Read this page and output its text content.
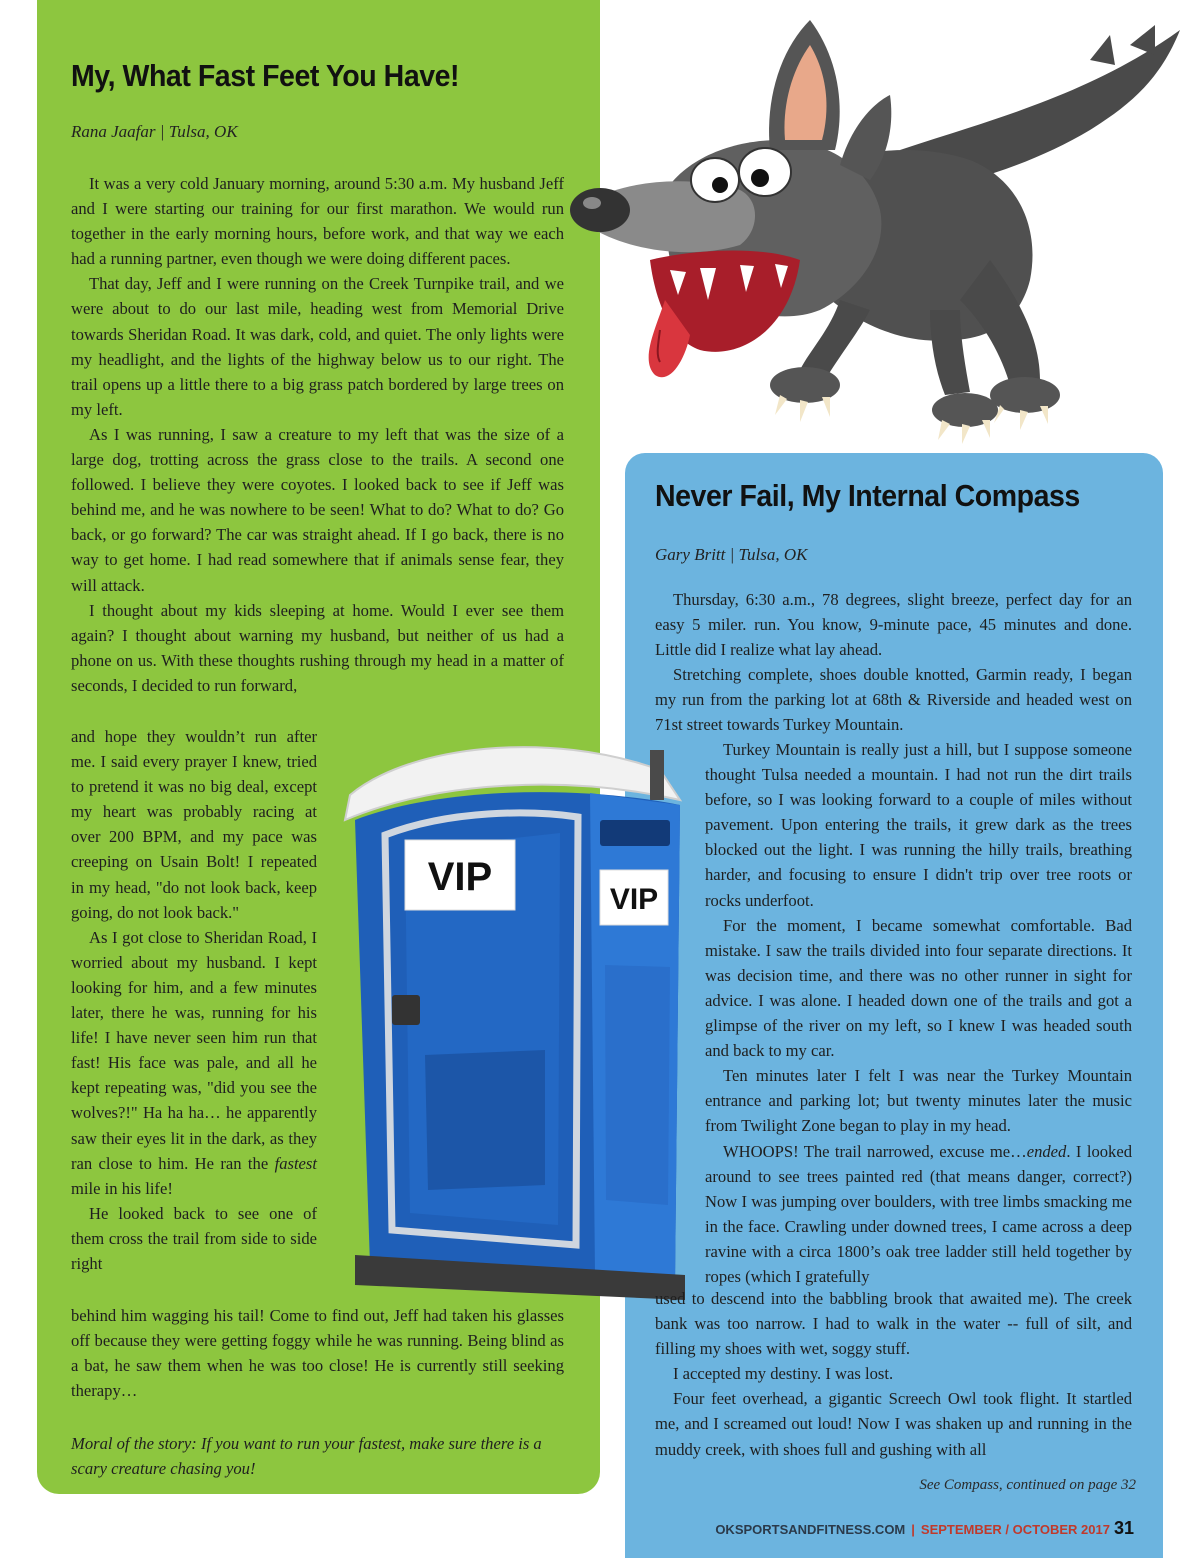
VIP
VIP
My, What Fast Feet You Have!

Rana Jaafar | Tulsa, OK

It was a very cold January morning, around 5:30 a.m. My husband Jeff and I were starting our training for our first marathon. We would run together in the early morning hours, before work, and that way we each had a running partner, even though we were doing different paces.

That day, Jeff and I were running on the Creek Turnpike trail, and we were about to do our last mile, heading west from Memorial Drive towards Sheridan Road. It was dark, cold, and quiet. The only lights were my headlight, and the lights of the highway below us to our right. The trail opens up a little there to a big grass patch bordered by large trees on my left.

As I was running, I saw a creature to my left that was the size of a large dog, trotting across the grass close to the trails. A second one followed. I believe they were coyotes. I looked back to see if Jeff was behind me, and he was nowhere to be seen! What to do? What to do? Go back, or go forward? The car was straight ahead. If I go back, there is no way to get home. I had read somewhere that if animals sense fear, they will attack.

I thought about my kids sleeping at home. Would I ever see them again? I thought about warning my husband, but neither of us had a phone on us. With these thoughts rushing through my head in a matter of seconds, I decided to run forward,

and hope they wouldn’t run after me. I said every prayer I knew, tried to pretend it was no big deal, except my heart was probably racing at over 200 BPM, and my pace was creeping on Usain Bolt! I repeated in my head, "do not look back, keep going, do not look back."

As I got close to Sheridan Road, I worried about my husband. I kept looking for him, and a few minutes later, there he was, running for his life! I have never seen him run that fast! His face was pale, and all he kept repeating was, "did you see the wolves?!" Ha ha ha… he apparently saw their eyes lit in the dark, as they ran close to him. He ran the fastest mile in his life!

He looked back to see one of them cross the trail from side to side right

behind him wagging his tail! Come to find out, Jeff had taken his glasses off because they were getting foggy while he was running. Being blind as a bat, he saw them when he was too close! He is currently still seeking therapy…

Moral of the story: If you want to run your fastest, make sure there is a scary creature chasing you!
Never Fail, My Internal Compass

Gary Britt | Tulsa, OK

Thursday, 6:30 a.m., 78 degrees, slight breeze, perfect day for an easy 5 miler. run. You know, 9-minute pace, 45 minutes and done. Little did I realize what lay ahead.

Stretching complete, shoes double knotted, Garmin ready, I began my run from the parking lot at 68th & Riverside and headed west on 71st street towards Turkey Mountain.

Turkey Mountain is really just a hill, but I suppose someone thought Tulsa needed a mountain. I had not run the dirt trails before, so I was looking forward to a couple of miles without pavement. Upon entering the trails, it grew dark as the trees blocked out the light. I was running the hilly trails, breathing harder, and focusing to ensure I didn't trip over tree roots or rocks underfoot.

For the moment, I became somewhat comfortable. Bad mistake. I saw the trails divided into four separate directions. It was decision time, and there was no other runner in sight for advice. I was alone. I headed down one of the trails and got a glimpse of the river on my left, so I knew I was headed south and back to my car.

Ten minutes later I felt I was near the Turkey Mountain entrance and parking lot; but twenty minutes later the music from Twilight Zone began to play in my head.

WHOOPS! The trail narrowed, excuse me…ended. I looked around to see trees painted red (that means danger, correct?) Now I was jumping over boulders, with tree limbs smacking me in the face. Crawling under downed trees, I came across a deep ravine with a circa 1800’s oak tree ladder still held together by ropes (which I gratefully

used to descend into the babbling brook that awaited me). The creek bank was too narrow. I had to walk in the water -- full of silt, and filling my shoes with wet, soggy stuff.

I accepted my destiny. I was lost.

Four feet overhead, a gigantic Screech Owl took flight. It startled me, and I screamed out loud! Now I was shaken up and running in the muddy creek, with shoes full and gushing with all

See Compass, continued on page 32
OKSPORTSANDFITNESS.COM | SEPTEMBER / OCTOBER 2017 31
